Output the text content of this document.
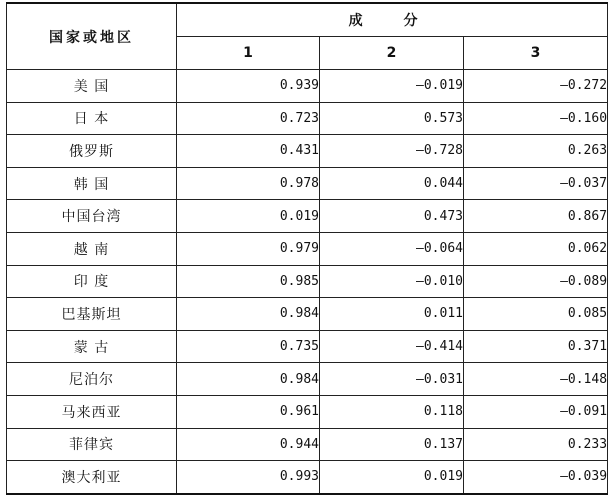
国家或地区	成 分		
	1	2	3
美 国	0.939	—0.019	—0.272
日 本	0.723	0.573	—0.160
俄罗斯	0.431	—0.728	0.263
韩 国	0.978	0.044	—0.037
中国台湾	0.019	0.473	0.867
越 南	0.979	—0.064	0.062
印 度	0.985	—0.010	—0.089
巴基斯坦	0.984	0.011	0.085
蒙 古	0.735	—0.414	0.371
尼泊尔	0.984	—0.031	—0.148
马来西亚	0.961	0.118	—0.091
菲律宾	0.944	0.137	0.233
澳大利亚	0.993	0.019	—0.039
